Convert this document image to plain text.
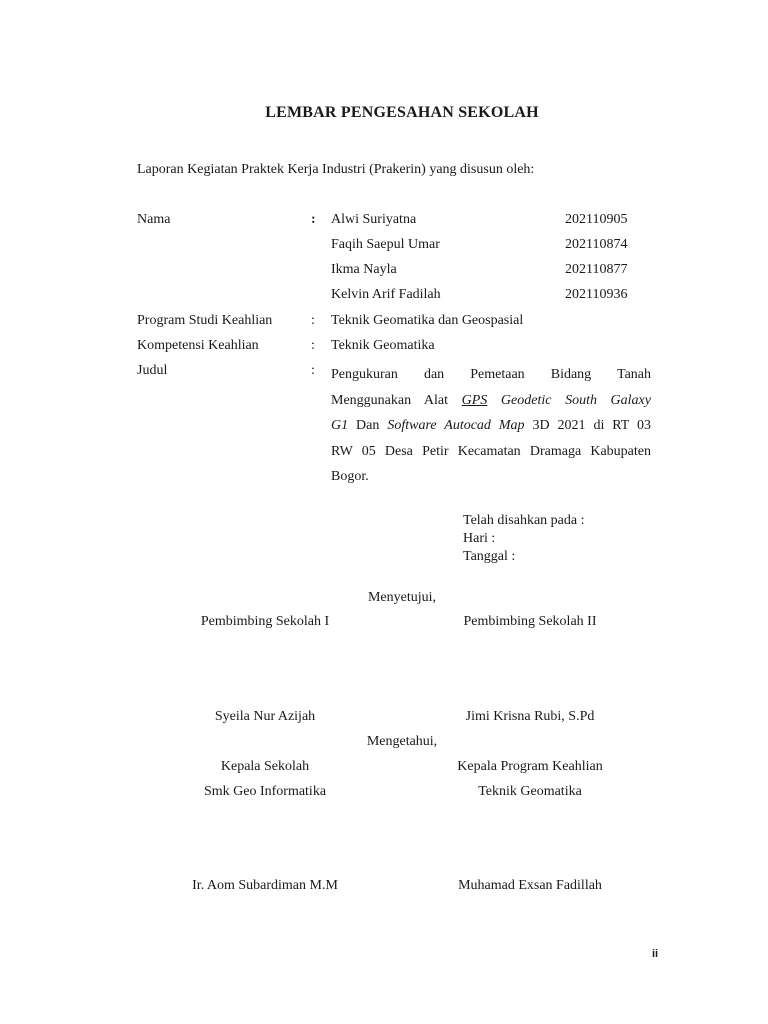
LEMBAR PENGESAHAN SEKOLAH
Laporan Kegiatan Praktek Kerja Industri (Prakerin) yang disusun oleh:
Nama	: Alwi Suriyatna	202110905
Faqih Saepul Umar	202110874
Ikma Nayla	202110877
Kelvin Arif Fadilah	202110936
Program Studi Keahlian	: Teknik Geomatika dan Geospasial
Kompetensi Keahlian	: Teknik Geomatika
Judul	: Pengukuran dan Pemetaan Bidang Tanah
Menggunakan Alat GPS Geodetic South Galaxy
G1 Dan Software Autocad Map 3D 2021 di RT 03
RW 05 Desa Petir Kecamatan Dramaga Kabupaten
Bogor.
Telah disahkan pada :
Hari :
Tanggal :
Menyetujui,
Pembimbing Sekolah I	Pembimbing Sekolah II
Syeila Nur Azijah	Jimi Krisna Rubi, S.Pd
Mengetahui,
Kepala Sekolah	Kepala Program Keahlian
Smk Geo Informatika	Teknik Geomatika
Ir. Aom Subardiman M.M	Muhamad Exsan Fadillah
ii
